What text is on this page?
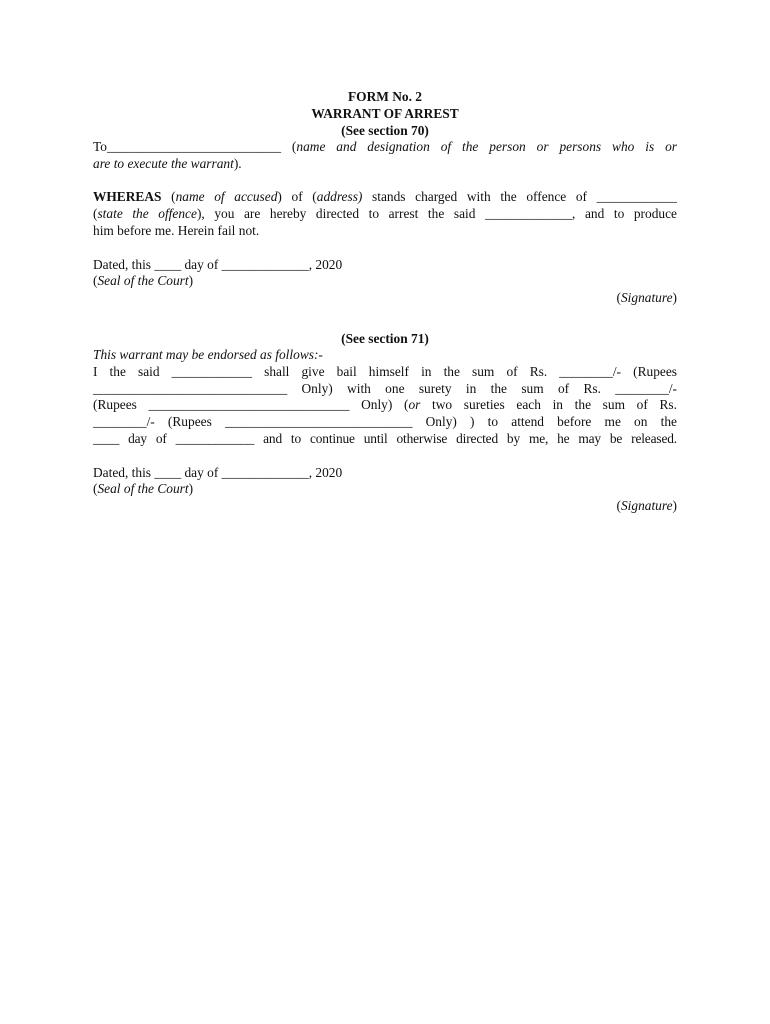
FORM No. 2

WARRANT OF ARREST

(See section 70)

To__________________________ (name and designation of the person or persons who is or

are to execute the warrant).

WHEREAS (name of accused) of (address) stands charged with the offence of ____________

(state the offence), you are hereby directed to arrest the said _____________, and to produce

him before me. Herein fail not.

Dated, this ____ day of _____________, 2020

(Seal of the Court)

(Signature)

(See section 71)

This warrant may be endorsed as follows:-

I the said ____________ shall give bail himself in the sum of Rs. ________/- (Rupees

_____________________________ Only) with one surety in the sum of Rs. ________/-

(Rupees ______________________________ Only) (or two sureties each in the sum of Rs.

________/- (Rupees ____________________________ Only) ) to attend before me on the

____ day of ____________ and to continue until otherwise directed by me, he may be released.

Dated, this ____ day of _____________, 2020

(Seal of the Court)

(Signature)
